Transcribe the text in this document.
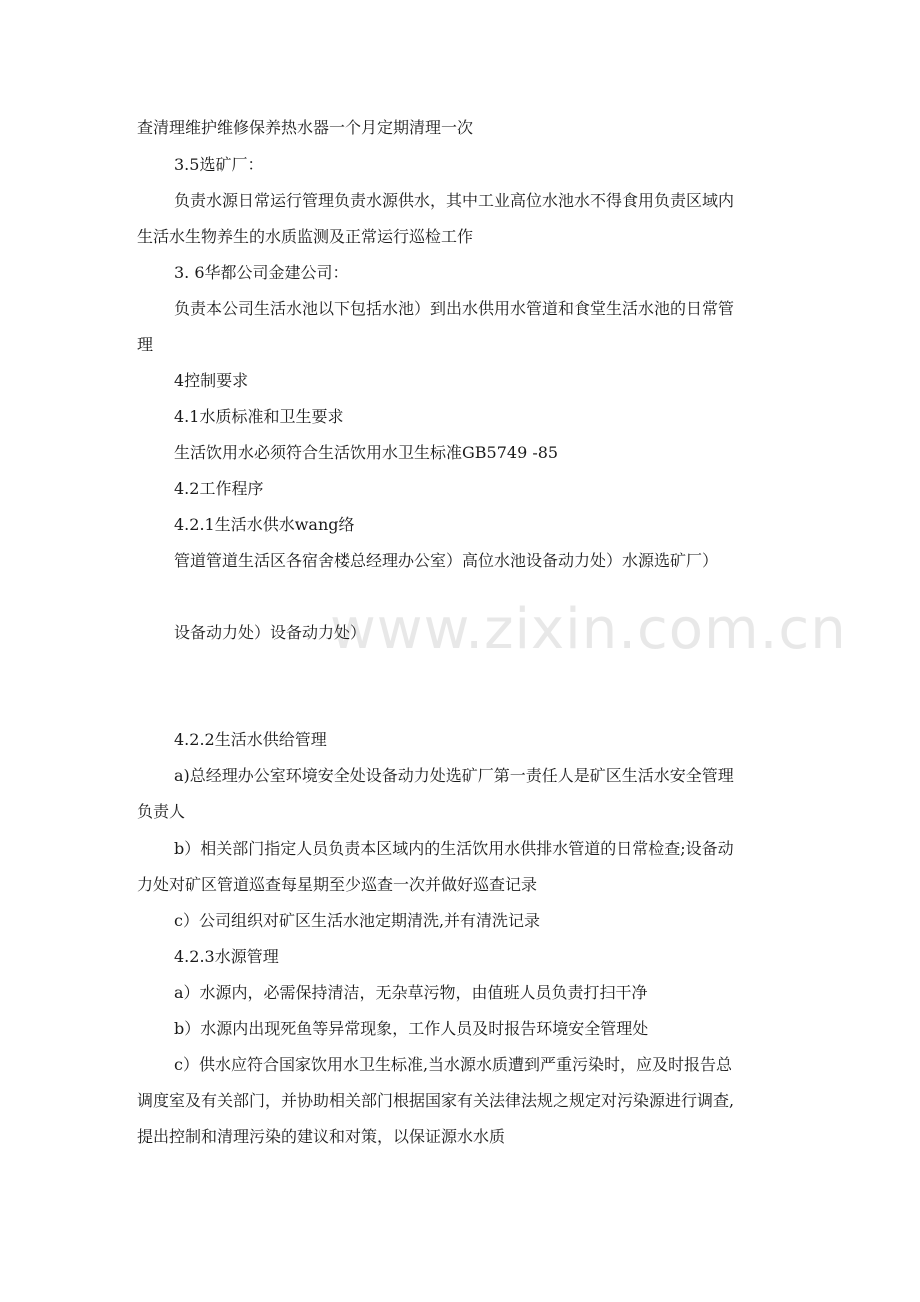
www.zixin.com.cn
查清理维护维修保养热水器一个月定期清理一次
3.5选矿厂：
负责水源日常运行管理负责水源供水，其中工业高位水池水不得食用负责区域内
生活水生物养生的水质监测及正常运行巡检工作
3. 6华都公司金建公司：
负责本公司生活水池以下包括水池）到出水供用水管道和食堂生活水池的日常管
理
4控制要求
4.1水质标准和卫生要求
生活饮用水必须符合生活饮用水卫生标准GB5749 -85
4.2工作程序
4.2.1生活水供水wang络
管道管道生活区各宿舍楼总经理办公室）高位水池设备动力处）水源选矿厂）
设备动力处）设备动力处）
4.2.2生活水供给管理
a)总经理办公室环境安全处设备动力处选矿厂第一责任人是矿区生活水安全管理
负责人
b）相关部门指定人员负责本区域内的生活饮用水供排水管道的日常检查;设备动
力处对矿区管道巡查每星期至少巡查一次并做好巡查记录
c）公司组织对矿区生活水池定期清洗,并有清洗记录
4.2.3水源管理
a）水源内，必需保持清洁，无杂草污物，由值班人员负责打扫干净
b）水源内出现死鱼等异常现象，工作人员及时报告环境安全管理处
c）供水应符合国家饮用水卫生标准,当水源水质遭到严重污染时，应及时报告总
调度室及有关部门，并协助相关部门根据国家有关法律法规之规定对污染源进行调查,
提出控制和清理污染的建议和对策，以保证源水水质
